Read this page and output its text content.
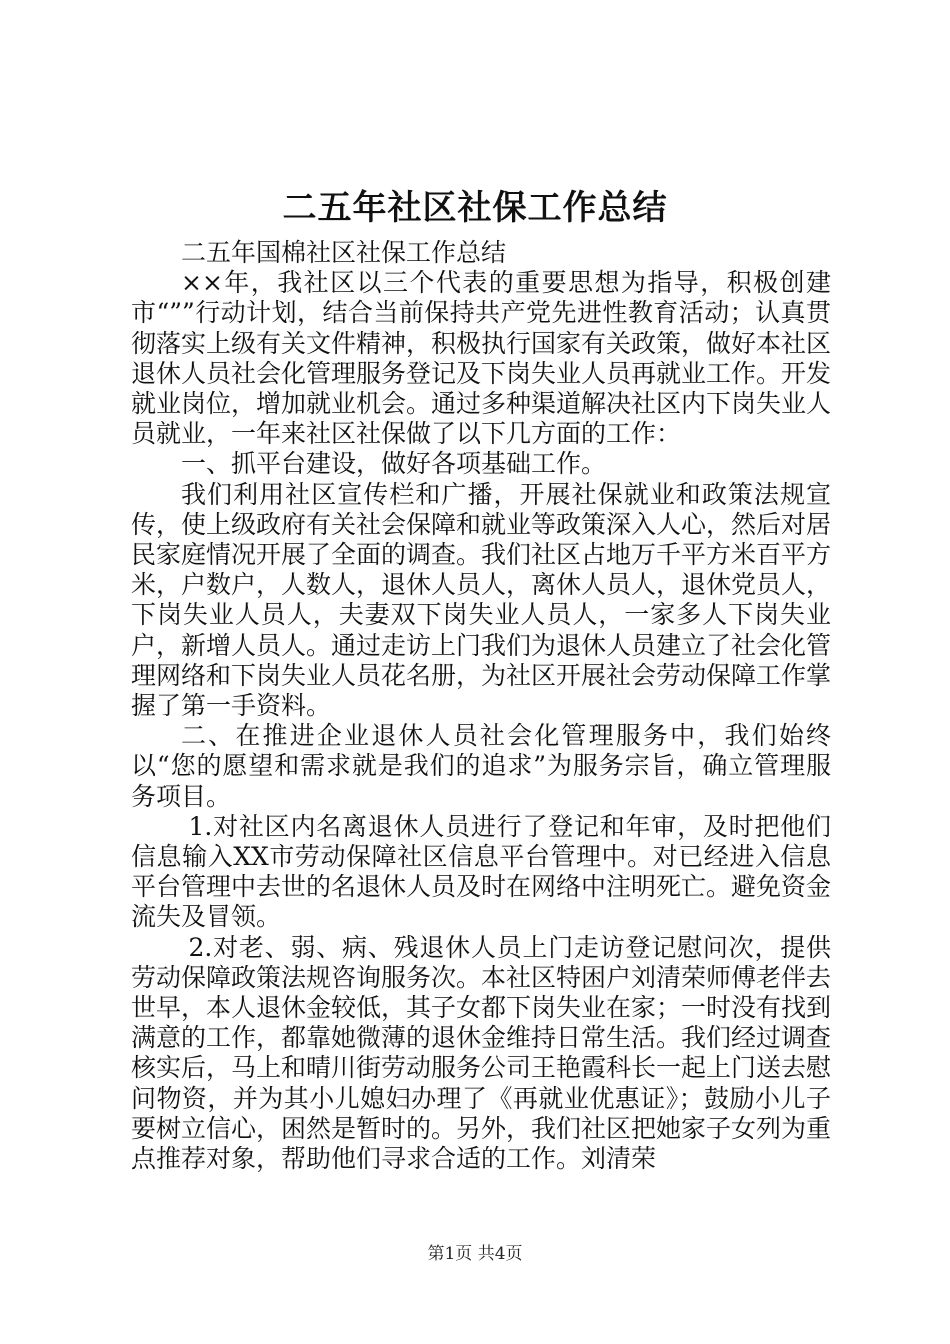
二五年社区社保工作总结

二五年国棉社区社保工作总结

××年，我社区以三个代表的重要思想为指导，积极创建市“””行动计划，结合当前保持共产党先进性教育活动；认真贯彻落实上级有关文件精神，积极执行国家有关政策，做好本社区退休人员社会化管理服务登记及下岗失业人员再就业工作。开发就业岗位，增加就业机会。通过多种渠道解决社区内下岗失业人员就业，一年来社区社保做了以下几方面的工作：

一、抓平台建设，做好各项基础工作。

我们利用社区宣传栏和广播，开展社保就业和政策法规宣传，使上级政府有关社会保障和就业等政策深入人心，然后对居民家庭情况开展了全面的调查。我们社区占地万千平方米百平方米，户数户，人数人，退休人员人，离休人员人，退休党员人，下岗失业人员人，夫妻双下岗失业人员人，一家多人下岗失业户，新增人员人。通过走访上门我们为退休人员建立了社会化管理网络和下岗失业人员花名册，为社区开展社会劳动保障工作掌握了第一手资料。

二、在推进企业退休人员社会化管理服务中，我们始终以“您的愿望和需求就是我们的追求”为服务宗旨，确立管理服务项目。

1.对社区内名离退休人员进行了登记和年审，及时把他们信息输入XX市劳动保障社区信息平台管理中。对已经进入信息平台管理中去世的名退休人员及时在网络中注明死亡。避免资金流失及冒领。

2.对老、弱、病、残退休人员上门走访登记慰问次，提供劳动保障政策法规咨询服务次。本社区特困户刘清荣师傅老伴去世早，本人退休金较低，其子女都下岗失业在家；一时没有找到满意的工作，都靠她微薄的退休金维持日常生活。我们经过调查核实后，马上和晴川街劳动服务公司王艳霞科长一起上门送去慰问物资，并为其小儿媳妇办理了《再就业优惠证》；鼓励小儿子要树立信心，困然是暂时的。另外，我们社区把她家子女列为重点推荐对象，帮助他们寻求合适的工作。刘清荣

第1页 共4页
